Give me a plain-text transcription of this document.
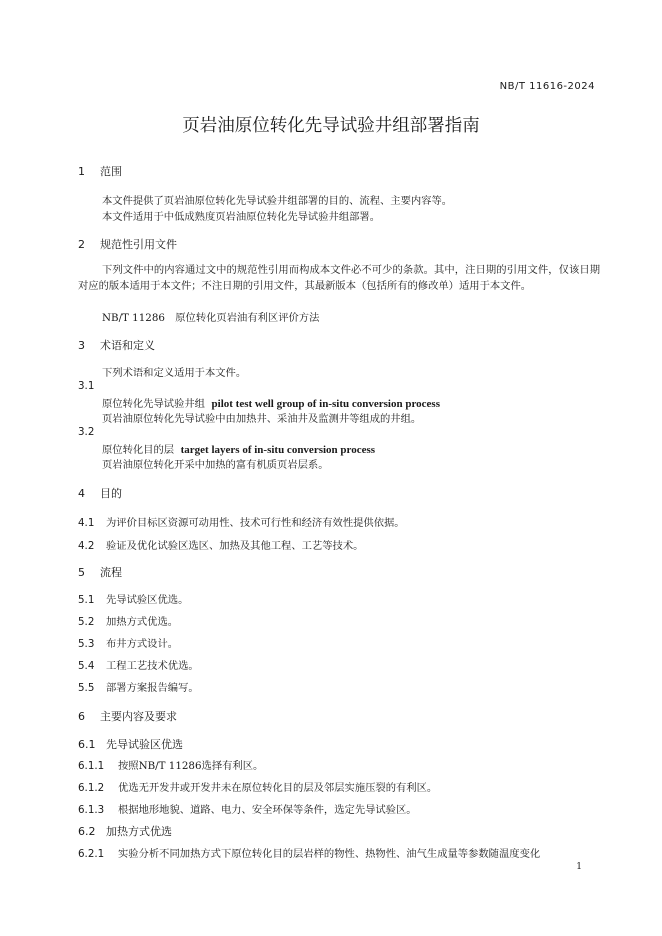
NB/T 11616-2024
页岩油原位转化先导试验井组部署指南
1 范围
本文件提供了页岩油原位转化先导试验井组部署的目的、流程、主要内容等。
本文件适用于中低成熟度页岩油原位转化先导试验井组部署。
2 规范性引用文件
下列文件中的内容通过文中的规范性引用而构成本文件必不可少的条款。其中，注日期的引用文件，仅该日期对应的版本适用于本文件；不注日期的引用文件，其最新版本（包括所有的修改单）适用于本文件。
NB/T 11286　原位转化页岩油有利区评价方法
3 术语和定义
下列术语和定义适用于本文件。
3.1
原位转化先导试验井组 pilot test well group of in-situ conversion process
页岩油原位转化先导试验中由加热井、采油井及监测井等组成的井组。
3.2
原位转化目的层 target layers of in-situ conversion process
页岩油原位转化开采中加热的富有机质页岩层系。
4 目的
4.1 为评价目标区资源可动用性、技术可行性和经济有效性提供依据。
4.2 验证及优化试验区选区、加热及其他工程、工艺等技术。
5 流程
5.1 先导试验区优选。
5.2 加热方式优选。
5.3 布井方式设计。
5.4 工程工艺技术优选。
5.5 部署方案报告编写。
6 主要内容及要求
6.1 先导试验区优选
6.1.1 按照NB/T 11286选择有利区。
6.1.2 优选无开发井或开发井未在原位转化目的层及邻层实施压裂的有利区。
6.1.3 根据地形地貌、道路、电力、安全环保等条件，选定先导试验区。
6.2 加热方式优选
6.2.1 实验分析不同加热方式下原位转化目的层岩样的物性、热物性、油气生成量等参数随温度变化
1
